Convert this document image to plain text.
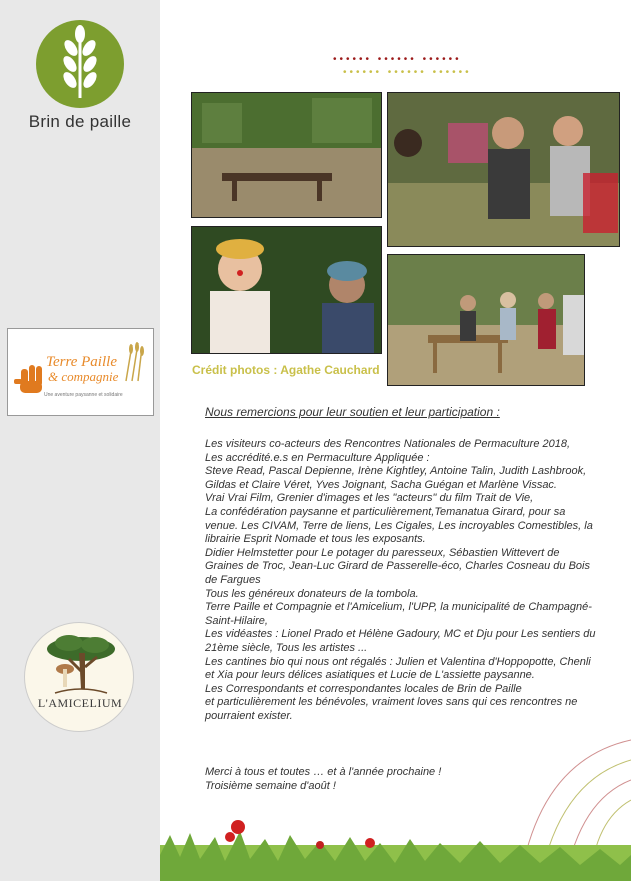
Brin de paille
Terre Paille
& compagnie
Une aventure paysanne et solidaire
L'AMICELIUM
•••••• •••••• ••••••
•••••• •••••• ••••••
Crédit photos : Agathe Cauchard
Nous remercions pour leur soutien et leur participation :

Les visiteurs co-acteurs des Rencontres Nationales de Permaculture 2018,

Les accrédité.e.s en Permaculture Appliquée :

Steve Read, Pascal Depienne, Irène Kightley, Antoine Talin, Judith Lashbrook, Gildas et Claire Véret, Yves Joignant, Sacha Guégan et Marlène Vissac.

Vrai Vrai Film, Grenier d'images et les "acteurs" du film Trait de Vie,

La confédération paysanne et particulièrement,Temanatua Girard, pour sa venue. Les CIVAM, Terre de liens, Les Cigales, Les incroyables Comestibles, la librairie Esprit Nomade et tous les exposants.

Didier Helmstetter pour Le potager du paresseux, Sébastien Wittevert de Graines de Troc, Jean-Luc Girard de Passerelle-éco, Charles Cosneau du Bois de Fargues

Tous les généreux donateurs de la tombola.

Terre Paille et Compagnie et l'Amicelium, l'UPP, la municipalité de Champagné-Saint-Hilaire,

Les vidéastes : Lionel Prado et Hélène Gadoury, MC et Dju pour Les sentiers du 21ème siècle, Tous les artistes ...

Les cantines bio qui nous ont régalés : Julien et Valentina d'Hoppopotte, Chenli et Xia pour leurs délices asiatiques et Lucie de L'assiette paysanne.

Les Correspondants et correspondantes locales de Brin de Paille

et particulièrement les bénévoles, vraiment loves sans qui ces rencontres ne pourraient exister.

Merci à tous et toutes … et à l'année prochaine !

Troisième semaine d'août !
